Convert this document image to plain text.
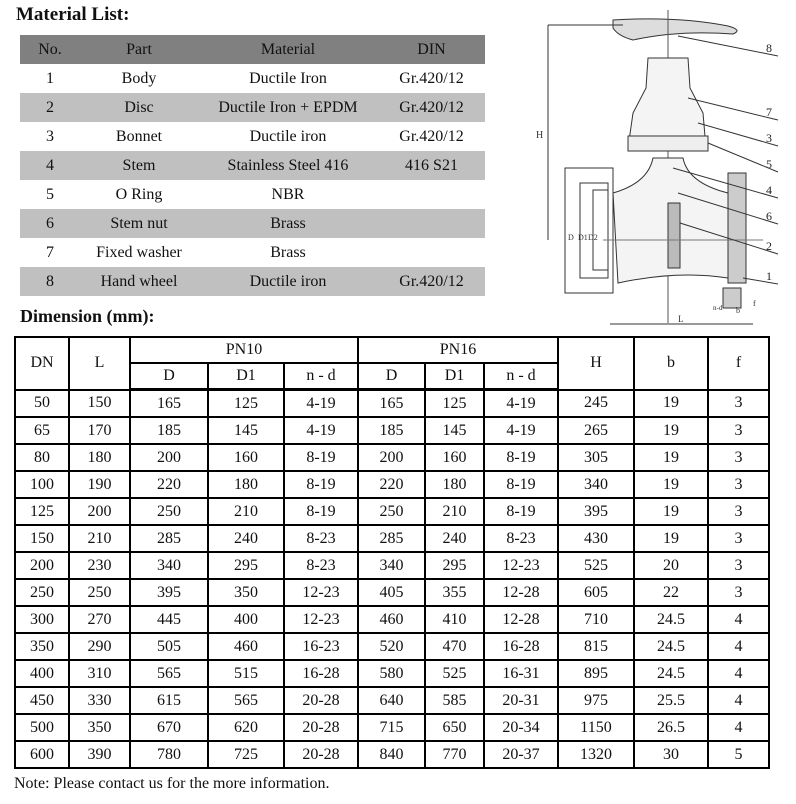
Material List:
No.	Part	Material	DIN
1	Body	Ductile Iron	Gr.420/12
2	Disc	Ductile Iron + EPDM	Gr.420/12
3	Bonnet	Ductile iron	Gr.420/12
4	Stem	Stainless Steel 416	416 S21
5	O Ring	NBR	
6	Stem nut	Brass	
7	Fixed washer	Brass	
8	Hand wheel	Ductile iron	Gr.420/12
Dimension (mm):
H
D D1 D2
L
n-d b
f
8
7
3
5
4
6
2
1
DN	L	PN10			PN16			H	b	f
		D	D1	n - d	D	D1	n - d			
50	150	165	125	4-19	165	125	4-19	245	19	3
65	170	185	145	4-19	185	145	4-19	265	19	3
80	180	200	160	8-19	200	160	8-19	305	19	3
100	190	220	180	8-19	220	180	8-19	340	19	3
125	200	250	210	8-19	250	210	8-19	395	19	3
150	210	285	240	8-23	285	240	8-23	430	19	3
200	230	340	295	8-23	340	295	12-23	525	20	3
250	250	395	350	12-23	405	355	12-28	605	22	3
300	270	445	400	12-23	460	410	12-28	710	24.5	4
350	290	505	460	16-23	520	470	16-28	815	24.5	4
400	310	565	515	16-28	580	525	16-31	895	24.5	4
450	330	615	565	20-28	640	585	20-31	975	25.5	4
500	350	670	620	20-28	715	650	20-34	1150	26.5	4
600	390	780	725	20-28	840	770	20-37	1320	30	5

Note: Please contact us for the more information.
